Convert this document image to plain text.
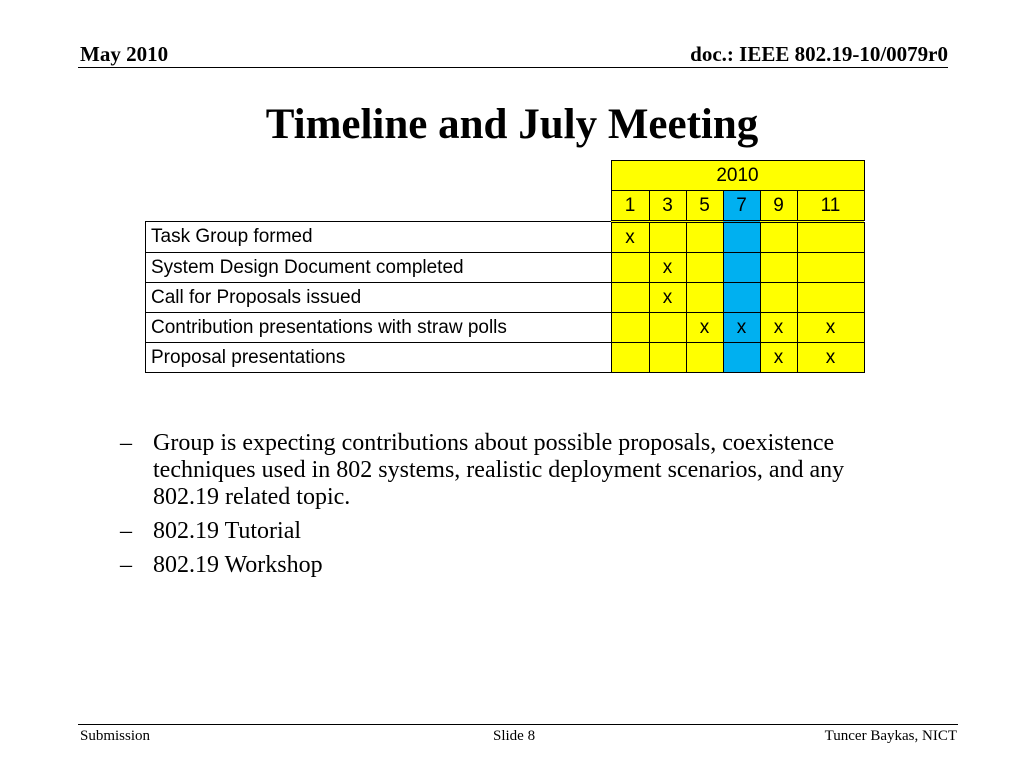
May 2010	doc.: IEEE 802.19-10/0079r0
Timeline and July Meeting
	2010					
	1	3	5	7	9	11
Task Group formed	x					
System Design Document completed		x				
Call for Proposals issued		x				
Contribution presentations with straw polls			x	x	x	x
Proposal presentations					x	x
– Group is expecting contributions about possible proposals, coexistence techniques used in 802 systems, realistic deployment scenarios, and any 802.19 related topic.
– 802.19 Tutorial
– 802.19 Workshop
Submission	Slide 8	Tuncer Baykas, NICT
